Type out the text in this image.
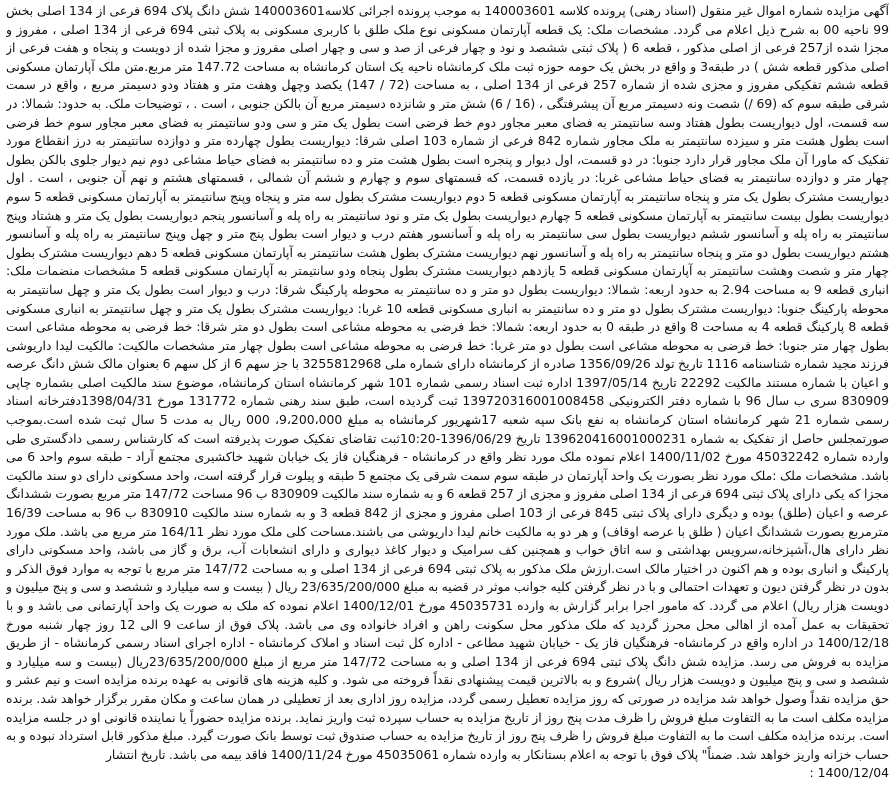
آگهی مزایده شماره اموال غیر منقول (اسناد رهنی) پرونده کلاسه 140003601 به موجب پرونده اجرائی کلاسه140003601 شش دانگ پلاک 694 فرعی از 134 اصلی بخش 99 ناحیه 00 به شرح ذیل اعلام می گردد. مشخصات ملک: یک قطعه آپارتمان مسکونی نوع ملک طلق با کاربری مسکونی به پلاک ثبتی 694 فرعی از 134 اصلی ، مفروز و مجزا شده از257 فرعی از اصلی مذکور ، قطعه 6 ( پلاک ثبتی ششصد و نود و چهار فرعی از صد و سی و چهار اصلی مفروز و مجزا شده از دویست و پنجاه و هفت فرعی از اصلی مذکور قطعه شش ) در طبقه3 و واقع در بخش یک حومه حوزه ثبت ملک کرمانشاه ناحیه یک استان کرمانشاه به مساحت 147.72 متر مربع.متن ملک آپارتمان مسکونی قطعه ششم تفکیکی مفروز و مجزی شده از شماره 257 فرعی از 134 اصلی ، به مساحت (72 / 147) یکصد وچهل وهفت متر و هفتاد ودو دسیمتر مربع ، واقع در سمت شرقی طبقه سوم که (69 /) شصت ونه دسیمتر مربع آن پیشرفتگی ، (16 / 6) شش متر و شانزده دسیمتر مربع آن بالکن جنوبی ، است . ، توضیحات ملک. به حدود: شمالا: در سه قسمت، اول دیواریست بطول هفتاد وسه سانتیمتر به فضای معبر مجاور دوم خط فرضی است بطول یک متر و سی ودو سانتیمتر به فضای معبر مجاور سوم خط فرضی است بطول هشت متر و سیزده سانتیمتر به ملک مجاور شماره 842 فرعی از شماره 103 اصلی شرقا: دیواریست بطول چهارده متر و دوازده سانتیمتر به درز انقطاع مورد تفکیک که ماورا آن ملک مجاور قرار دارد جنوبا: در دو قسمت، اول دیوار و پنجره است بطول هشت متر و ده سانتیمتر به فضای حیاط مشاعی دوم نیم دیوار جلوی بالکن بطول چهار متر و دوازده سانتیمتر به فضای حیاط مشاعی غربا: در یازده قسمت، که قسمتهای سوم و چهارم و ششم آن شمالی ، قسمتهای هشتم و نهم آن جنوبی ، است . اول دیواریست مشترک بطول یک متر و پنجاه سانتیمتر به آپارتمان مسکونی قطعه 5 دوم دیواریست مشترک بطول سه متر و پنجاه وپنج سانتیمتر به آپارتمان مسکونی قطعه 5 سوم دیواریست بطول بیست سانتیمتر به آپارتمان مسکونی قطعه 5 چهارم دیواریست بطول یک متر و نود سانتیمتر به راه پله و آسانسور پنجم دیواریست بطول یک متر و هشتاد وپنج سانتیمتر به راه پله و آسانسور ششم دیواریست بطول سی سانتیمتر به راه پله و آسانسور هفتم درب و دیوار است بطول پنج متر و چهل وپنج سانتیمتر به راه پله و آسانسور هشتم دیواریست بطول دو متر و پنجاه سانتیمتر به راه پله و آسانسور نهم دیواریست مشترک بطول هشت سانتیمتر به آپارتمان مسکونی قطعه 5 دهم دیواریست مشترک بطول چهار متر و شصت وهشت سانتیمتر به آپارتمان مسکونی قطعه 5 یازدهم دیواریست مشترک بطول پنجاه ودو سانتیمتر به آپارتمان مسکونی قطعه 5 مشخصات منضمات ملک: انباری قطعه 9 به مساحت 2.94 به حدود اربعه: شمالا: دیواریست بطول دو متر و ده سانتیمتر به محوطه پارکینگ شرقا: درب و دیوار است بطول یک متر و چهل سانتیمتر به محوطه پارکینگ جنوبا: دیواریست مشترک بطول دو متر و ده سانتیمتر به انباری مسکونی قطعه 10 غربا: دیواریست مشترک بطول یک متر و چهل سانتیمتر به انباری مسکونی قطعه 8 پارکینگ قطعه 4 به مساحت 8 واقع در طبقه 0 به حدود اربعه: شمالا: خط فرضی به محوطه مشاعی است بطول دو متر شرقا: خط فرضی به محوطه مشاعی است بطول چهار متر جنوبا: خط فرضی به محوطه مشاعی است بطول دو متر غربا: خط فرضی به محوطه مشاعی است بطول چهار متر مشخصات مالکیت: مالکیت لیدا داریوشی فرزند مجید شماره شناسنامه 1116 تاریخ تولد 1356/09/26 صادره از کرمانشاه دارای شماره ملی 3255812968 با جز سهم 6 از کل سهم 6 بعنوان مالک شش دانگ عرصه و اعیان با شماره مستند مالکیت 22292 تاریخ 1397/05/14 اداره ثبت اسناد رسمی شماره 101 شهر کرمانشاه استان کرمانشاه، موضوع سند مالکیت اصلی بشماره چاپی 830909 سری ب سال 96 با شماره دفتر الکترونیکی 139720316001008458 ثبت گردیده است، طبق سند رهنی شماره 131772 مورخ 1398/04/31دفترخانه اسناد رسمی شماره 21 شهر کرمانشاه استان کرمانشاه به نفع بانک سپه شعبه 17شهریور کرمانشاه به مبلغ 9،200،000، 000 ریال به مدت 5 سال ثبت شده است.بموجب صورتمجلس حاصل از تفکیک به شماره 139620416001000231 تاریخ 1396/06/29-10:20ثبت تقاضای تفکیک صورت پذیرفته است که کارشناس رسمی دادگستری طی وارده شماره 45032242 مورخ 1400/11/02 اعلام نموده ملک مورد نظر واقع در کرمانشاه - فرهنگیان فاز یک خیابان شهید خاکشیری مجتمع آراد - طبقه سوم واحد 6 می باشد. مشخصات ملک :ملک مورد نظر بصورت یک واحد آپارتمان در طبقه سوم سمت شرقی یک مجتمع 5 طبقه و پیلوت قرار گرفته است، واحد مسکونی دارای دو سند مالکیت مجزا که یکی دارای پلاک ثبتی 694 فرعی از 134 اصلی مفروز و مجزی از 257 قطعه 6 و به شماره سند مالکیت 830909 ب 96 مساحت 147/72 متر مربع بصورت ششدانگ عرصه و اعیان (طلق) بوده و دیگری دارای پلاک ثبتی 845 فرعی از 103 اصلی مفروز و مجزی از 842 قطعه 3 و به شماره سند مالکیت 830910 ب 96 به مساحت 16/39 مترمربع بصورت ششدانگ اعیان ( طلق با عرصه اوقاف) و هر دو به مالکیت خانم لیدا داریوشی می باشند.مساحت کلی ملک مورد نظر 164/11 متر مربع می باشد. ملک مورد نظر دارای هال،آشپزخانه،سرویس بهداشتی و سه اتاق خواب و همچنین کف سرامیک و دیوار کاغذ دیواری و دارای انشعابات آب، برق و گاز می باشد، واحد مسکونی دارای پارکینگ و انباری بوده و هم اکنون در اختیار مالک است.ارزش ملک مذکور به پلاک ثبتی 694 فرعی از 134 اصلی و به مساحت 147/72 متر مربع با توجه به موارد فوق الذکر و بدون در نظر گرفتن دیون و تعهدات احتمالی و با در نظر گرفتن کلیه جوانب موثر در قضیه به مبلغ 23/635/200/000 ریال ( بیست و سه میلیارد و ششصد و سی و پنج میلیون و دویست هزار ریال) اعلام می گردد. که مامور اجرا برابر گزارش به وارده 45035731 مورخ 1400/12/01 اعلام نموده که ملک به صورت یک واحد آپارتمانی می باشد و و با تحقیقات به عمل آمده از اهالی محل محرز گردید که ملک مذکور محل سکونت راهن و افراد خانواده وی می باشد. پلاک فوق از ساعت 9 الی 12 روز چهار شنبه مورخ 1400/12/18 در اداره واقع در کرمانشاه- فرهنگیان فاز یک - خیابان شهید مطاعی - اداره کل ثبت اسناد و املاک کرمانشاه - اداره اجرای اسناد رسمی کرمانشاه - از طریق مزایده به فروش می رسد. مزایده شش دانگ پلاک ثبتی 694 فرعی از 134 اصلی و به مساحت 147/72 متر مربع از مبلغ 23/635/200/000ریال (بیست و سه میلیارد و ششصد و سی و پنج میلیون و دویست هزار ریال )شروع و به بالاترین قیمت پیشنهادی نقداً فروخته می شود. و کلیه هزینه های قانونی به عهده برنده مزایده است و نیم عشر و حق مزایده نقداً وصول خواهد شد مزایده در صورتی که روز مزایده تعطیل رسمی گردد، مزایده روز اداری بعد از تعطیلی در همان ساعت و مکان مقرر برگزار خواهد شد. برنده مزایده مکلف است ما به التفاوت مبلغ فروش را ظرف مدت پنج روز از تاریخ مزایده به حساب سپرده ثبت واریز نماید. برنده مزایده حضوراً یا نماینده قانونی او در جلسه مزایده است. برنده مزایده مکلف است ما به التفاوت مبلغ فروش را ظرف پنج روز از تاریخ مزایده به حساب صندوق ثبت توسط بانک صورت گیرد. مبلغ مذکور قابل استرداد نبوده و به حساب خزانه واریز خواهد شد. ضمناً" پلاک فوق با توجه به اعلام بستانکار به وارده شماره 45035061 مورخ 1400/11/24 فاقد بیمه می باشد. تاریخ انتشار

1400/12/04 :
